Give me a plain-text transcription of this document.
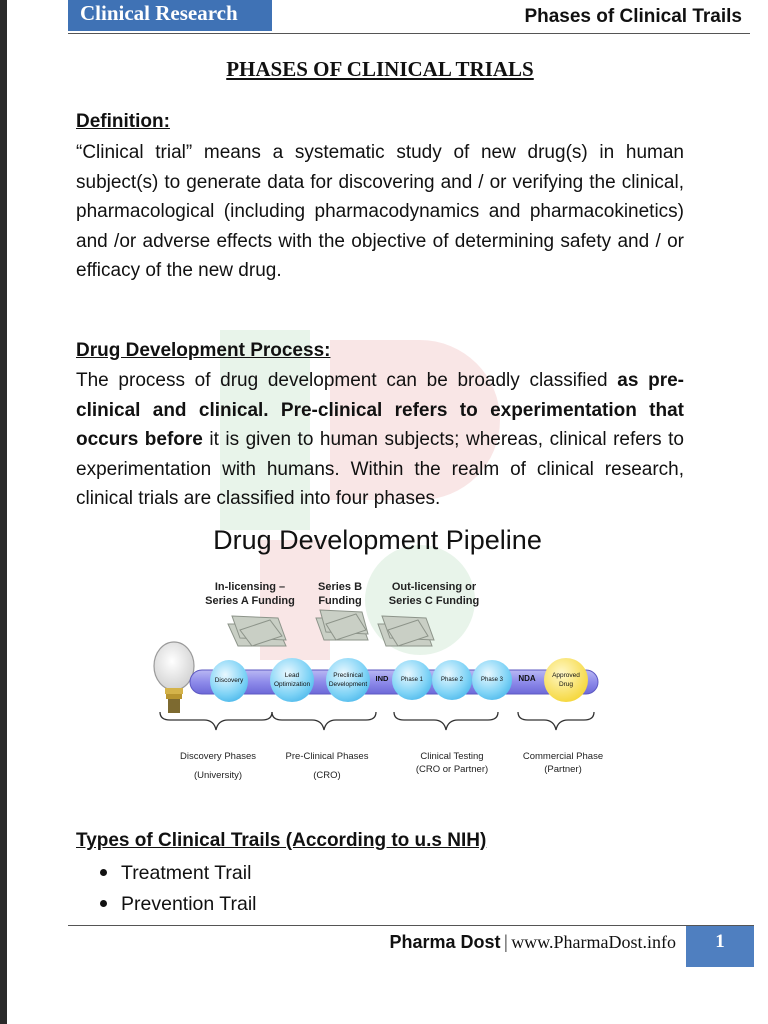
Clinical Research	Phases of Clinical Trails
PHASES OF CLINICAL TRIALS
Definition:

“Clinical trial” means a systematic study of new drug(s) in human subject(s) to generate data for discovering and / or verifying the clinical, pharmacological (including pharmacodynamics and pharmacokinetics) and /or adverse effects with the objective of determining safety and / or efficacy of the new drug.

Drug Development Process:

The process of drug development can be broadly classified as pre-clinical and clinical. Pre-clinical refers to experimentation that occurs before it is given to human subjects; whereas, clinical refers to experimentation with humans. Within the realm of clinical research, clinical trials are classified into four phases.

Drug Development Pipeline
In-licensing –
Series A Funding
Series B
Funding
Out-licensing or
Series C Funding
Discovery
Lead Optimization
Preclinical Development
IND	Phase 1	Phase 2	Phase 3	NDA	Approved Drug
Discovery Phases
(University)
Pre-Clinical Phases
(CRO)
Clinical Testing
(CRO or Partner)
Commercial Phase
(Partner)
Types of Clinical Trails (According to u.s NIH)
Treatment Trail
Prevention Trail
Pharma Dost | www.PharmaDost.info	1
